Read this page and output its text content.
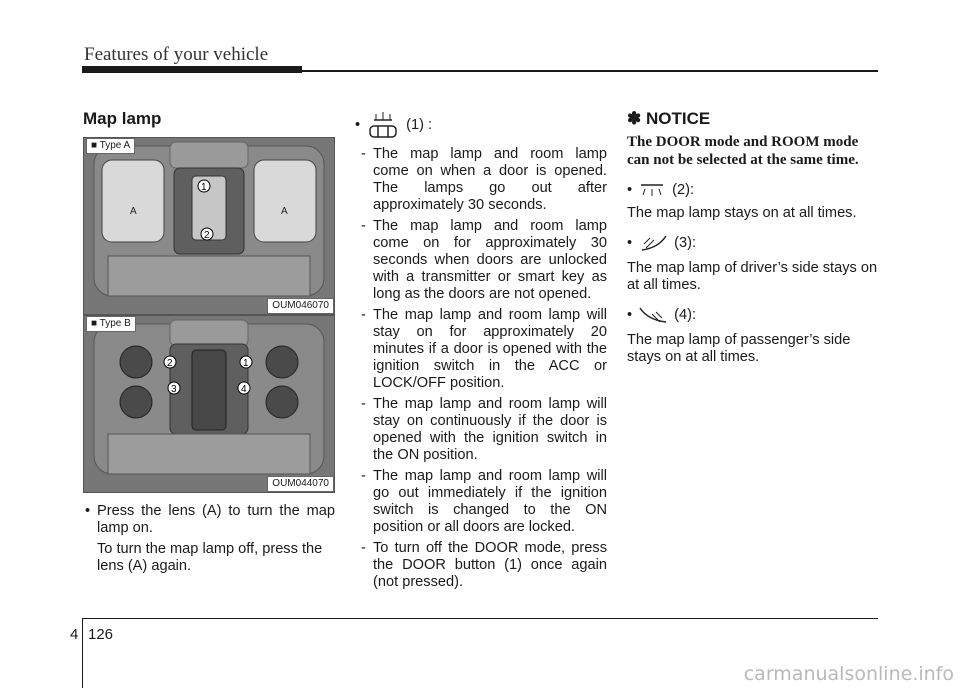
Features of your vehicle
Map lamp
A	A
1
2
■ Type A
OUM046070
2	1
3	4
■ Type B
OUM044070
• Press the lens (A) to turn the map lamp on.
To turn the map lamp off, press the lens (A) again.
•	(1) :
- The map lamp and room lamp come on when a door is opened. The lamps go out after approximately 30 seconds.
- The map lamp and room lamp come on for approximately 30 seconds when doors are unlocked with a transmitter or smart key as long as the doors are not opened.
- The map lamp and room lamp will stay on for approximately 20 minutes if a door is opened with the ignition switch in the ACC or LOCK/OFF position.
- The map lamp and room lamp will stay on continuously if the door is opened with the ignition switch in the ON position.
- The map lamp and room lamp will go out immediately if the ignition switch is changed to the ON position or all doors are locked.
- To turn off the DOOR mode, press the DOOR button (1) once again (not pressed).
✽ NOTICE
The DOOR mode and ROOM mode can not be selected at the same time.
•	(2):
The map lamp stays on at all times.
•	(3):
The map lamp of driver’s side stays on at all times.
•	(4):
The map lamp of passenger’s side stays on at all times.
4 126
carmanualsonline.info
